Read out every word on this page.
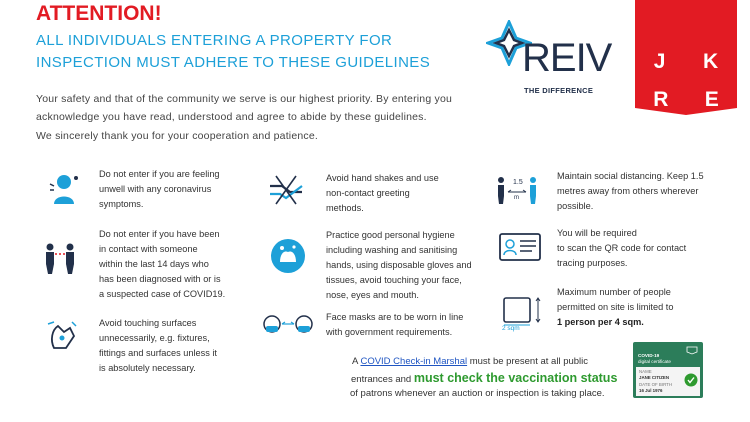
ATTENTION!
ALL INDIVIDUALS ENTERING A PROPERTY FOR
INSPECTION MUST ADHERE TO THESE GUIDELINES
Your safety and that of the community we serve is our highest priority. By entering you
acknowledge you have read, understood and agree to abide by these guidelines.
We sincerely thank you for your cooperation and patience.
REIV
THE DIFFERENCE
J K
R E
Do not enter if you are feeling
unwell with any coronavirus
symptoms.
Do not enter if you have been
in contact with someone
within the last 14 days who
has been diagnosed with or is
a suspected case of COVID19.
Avoid touching surfaces
unnecessarily, e.g. fixtures,
fittings and surfaces unless it
is absolutely necessary.
Avoid hand shakes and use
non-contact greeting
methods.
Practice good personal hygiene
including washing and sanitising
hands, using disposable gloves and
tissues, avoid touching your face,
nose, eyes and mouth.
Face masks are to be worn in line
with government requirements.
1.5
m
2 sqm
Maintain social distancing. Keep 1.5
metres away from others wherever
possible.
You will be required
to scan the QR code for contact
tracing purposes.
Maximum number of people
permitted on site is limited to
1 person per 4 sqm.
A COVID Check-in Marshal must be present at all public
entrances and must check the vaccination status
of patrons whenever an auction or inspection is taking place.
COVID-19
digital certificate
NAME
JANE CITIZEN
DATE OF BIRTH
16 Jul 1976
